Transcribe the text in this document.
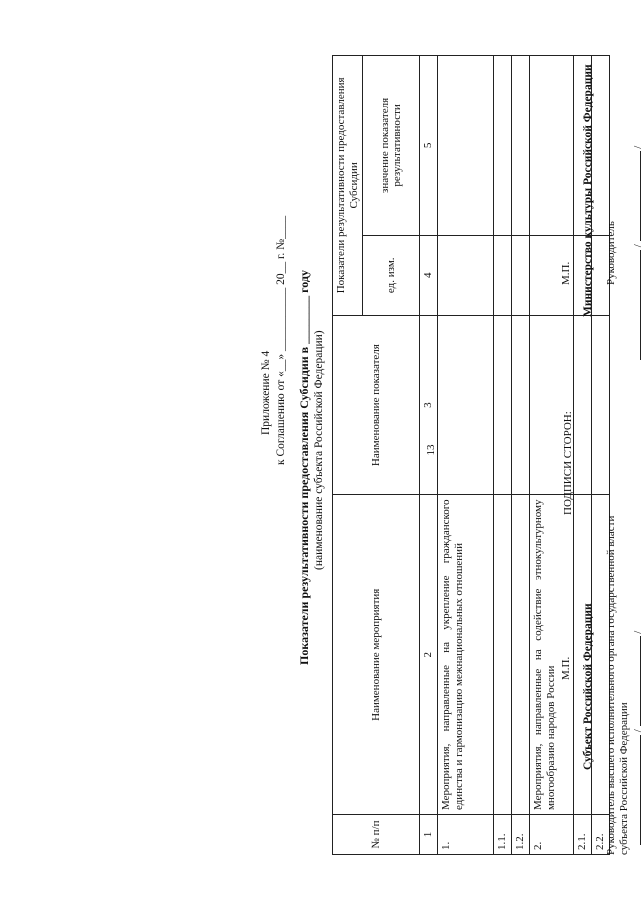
13
Приложение № 4 к Соглашению от «__» ___________ 20__ г. №____ Показатели результативности предоставления Субсидии в ________ году (наименование субъекта Российской Федерации)
№ п/п	Наименование мероприятия	Наименование показателя	Показатели результативности предоставления Субсидии	
			ед. изм.	значение показателя результативности
1	2	3	4	5
1.	Мероприятия, направленные на укрепление гражданского единства и гармонизацию межнациональных отношений			
1.1.				
1.2.				
2.	Мероприятия, направленные на содействие этнокультурному многообразию народов России			
2.1.				
2.2.				
ПОДПИСИ СТОРОН:
Субъект Российской Федерации
Министерство культуры Российской Федерации
Руководитель высшего исполнительного органа государственной власти субъекта Российской Федерации
Руководитель
/  /
/  /
М.П.
М.П.
